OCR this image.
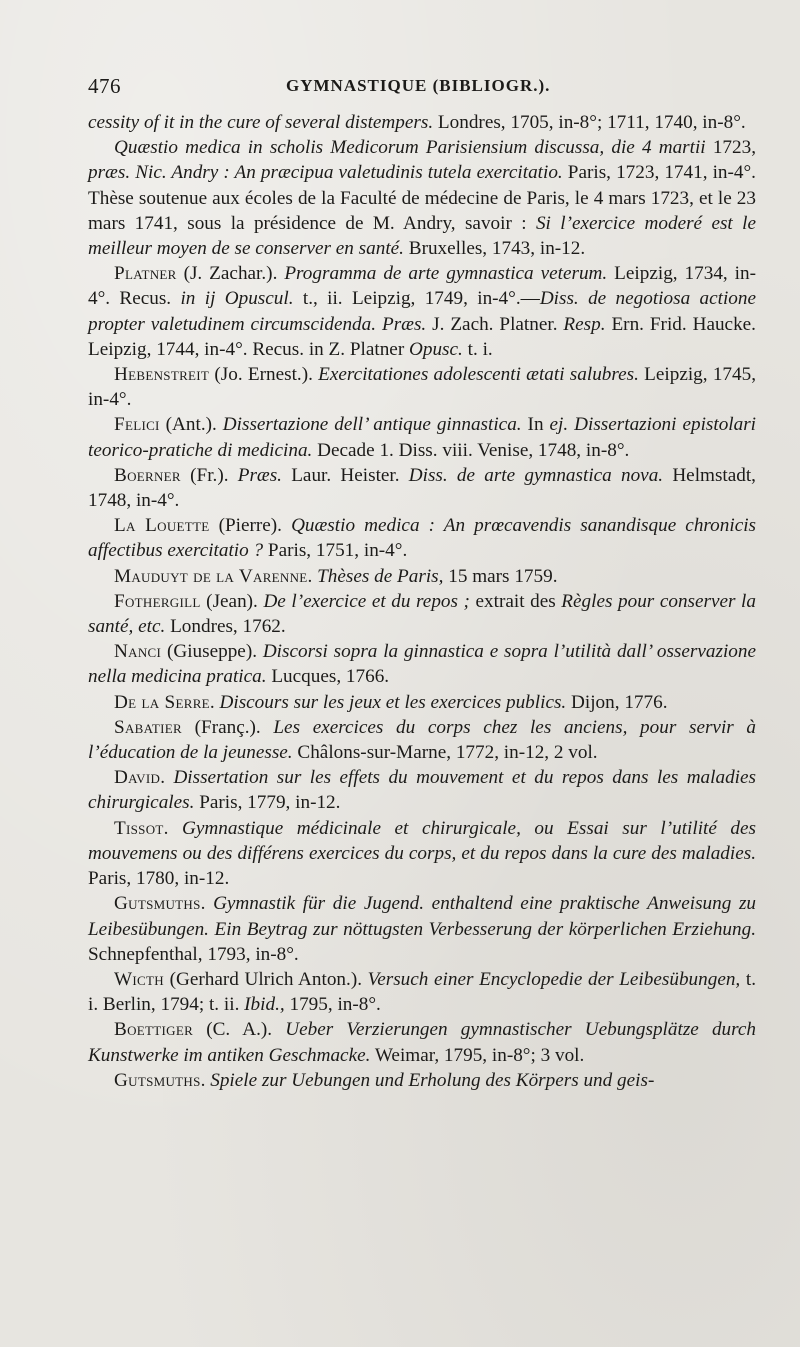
476	GYMNASTIQUE (BIBLIOGR.).

cessity of it in the cure of several distempers. Londres, 1705, in-8°; 1711, 1740, in-8°.

Quæstio medica in scholis Medicorum Parisiensium discussa, die 4 martii 1723, præs. Nic. Andry : An præcipua valetudinis tutela exercitatio. Paris, 1723, 1741, in-4°. Thèse soutenue aux écoles de la Faculté de médecine de Paris, le 4 mars 1723, et le 23 mars 1741, sous la présidence de M. Andry, savoir : Si l’exercice moderé est le meilleur moyen de se conserver en santé. Bruxelles, 1743, in-12.

Platner (J. Zachar.). Programma de arte gymnastica veterum. Leipzig, 1734, in-4°. Recus. in ij Opuscul. t., ii. Leipzig, 1749, in-4°.—Diss. de negotiosa actione propter valetudinem circumscidenda. Præs. J. Zach. Platner. Resp. Ern. Frid. Haucke. Leipzig, 1744, in-4°. Recus. in Z. Platner Opusc. t. i.

Hebenstreit (Jo. Ernest.). Exercitationes adolescenti ætati salubres. Leipzig, 1745, in-4°.

Felici (Ant.). Dissertazione dell’ antique ginnastica. In ej. Dissertazioni epistolari teorico-pratiche di medicina. Decade 1. Diss. viii. Venise, 1748, in-8°.

Boerner (Fr.). Præs. Laur. Heister. Diss. de arte gymnastica nova. Helmstadt, 1748, in-4°.

La Louette (Pierre). Quæstio medica : An prœcavendis sanandisque chronicis affectibus exercitatio ? Paris, 1751, in-4°.

Mauduyt de la Varenne. Thèses de Paris, 15 mars 1759.

Fothergill (Jean). De l’exercice et du repos ; extrait des Règles pour conserver la santé, etc. Londres, 1762.

Nanci (Giuseppe). Discorsi sopra la ginnastica e sopra l’utilità dall’ osservazione nella medicina pratica. Lucques, 1766.

De la Serre. Discours sur les jeux et les exercices publics. Dijon, 1776.

Sabatier (Franç.). Les exercices du corps chez les anciens, pour servir à l’éducation de la jeunesse. Châlons-sur-Marne, 1772, in-12, 2 vol.

David. Dissertation sur les effets du mouvement et du repos dans les maladies chirurgicales. Paris, 1779, in-12.

Tissot. Gymnastique médicinale et chirurgicale, ou Essai sur l’utilité des mouvemens ou des différens exercices du corps, et du repos dans la cure des maladies. Paris, 1780, in-12.

Gutsmuths. Gymnastik für die Jugend. enthaltend eine praktische Anweisung zu Leibesübungen. Ein Beytrag zur nöttugsten Verbesserung der körperlichen Erziehung. Schnepfenthal, 1793, in-8°.

Wicth (Gerhard Ulrich Anton.). Versuch einer Encyclopedie der Leibesübungen, t. i. Berlin, 1794; t. ii. Ibid., 1795, in-8°.

Boettiger (C. A.). Ueber Verzierungen gymnastischer Uebungsplätze durch Kunstwerke im antiken Geschmacke. Weimar, 1795, in-8°; 3 vol.

Gutsmuths. Spiele zur Uebungen und Erholung des Körpers und geis-
